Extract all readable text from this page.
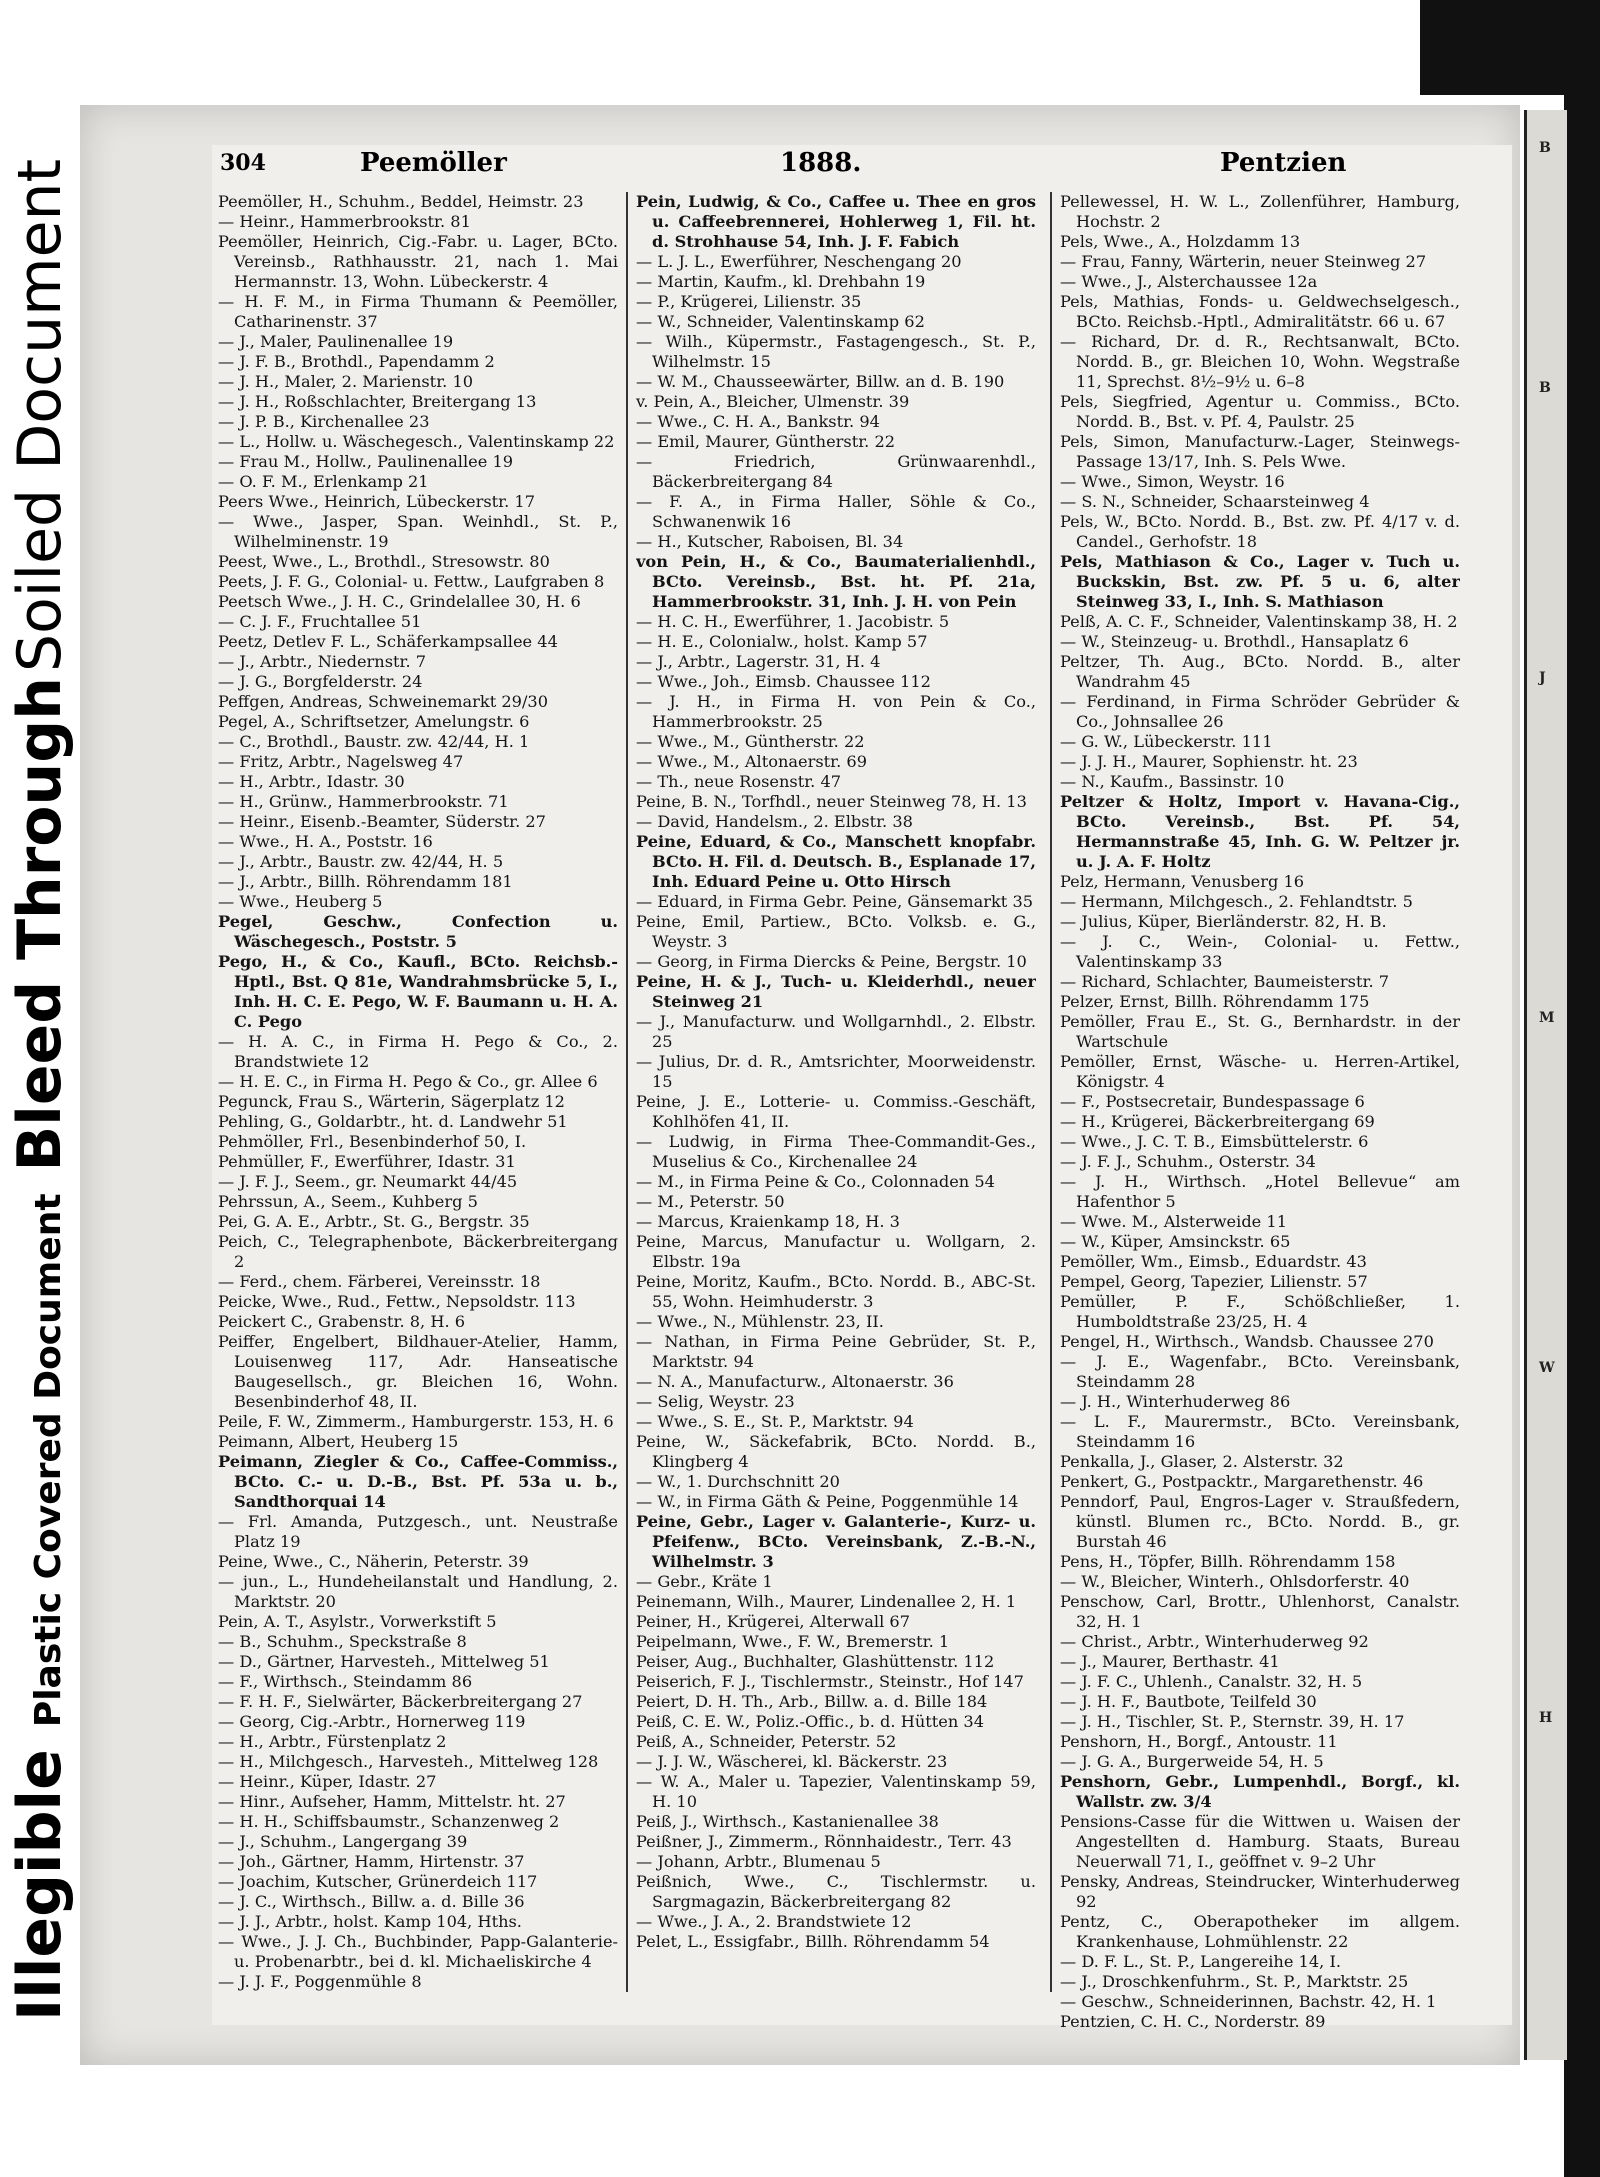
IllegiblePlastic Covered DocumentBleed Through Soiled Document
B
B
J
M
W
H
304	Peemöller	1888.	Pentzien
Peemöller, H., Schuhm., Beddel, Heimstr. 23
— Heinr., Hammerbrookstr. 81
Peemöller, Heinrich, Cig.-Fabr. u. Lager, BCto. Vereinsb., Rathhausstr. 21, nach 1. Mai Hermannstr. 13, Wohn. Lübeckerstr. 4
— H. F. M., in Firma Thumann & Peemöller, Catharinenstr. 37
— J., Maler, Paulinenallee 19
— J. F. B., Brothdl., Papendamm 2
— J. H., Maler, 2. Marienstr. 10
— J. H., Roßschlachter, Breitergang 13
— J. P. B., Kirchenallee 23
— L., Hollw. u. Wäschegesch., Valentinskamp 22
— Frau M., Hollw., Paulinenallee 19
— O. F. M., Erlenkamp 21
Peers Wwe., Heinrich, Lübeckerstr. 17
— Wwe., Jasper, Span. Weinhdl., St. P., Wilhelminenstr. 19
Peest, Wwe., L., Brothdl., Stresowstr. 80
Peets, J. F. G., Colonial- u. Fettw., Laufgraben 8
Peetsch Wwe., J. H. C., Grindelallee 30, H. 6
— C. J. F., Fruchtallee 51
Peetz, Detlev F. L., Schäferkampsallee 44
— J., Arbtr., Niedernstr. 7
— J. G., Borgfelderstr. 24
Peffgen, Andreas, Schweinemarkt 29/30
Pegel, A., Schriftsetzer, Amelungstr. 6
— C., Brothdl., Baustr. zw. 42/44, H. 1
— Fritz, Arbtr., Nagelsweg 47
— H., Arbtr., Idastr. 30
— H., Grünw., Hammerbrookstr. 71
— Heinr., Eisenb.-Beamter, Süderstr. 27
— Wwe., H. A., Poststr. 16
— J., Arbtr., Baustr. zw. 42/44, H. 5
— J., Arbtr., Billh. Röhrendamm 181
— Wwe., Heuberg 5
Pegel, Geschw., Confection u. Wäschegesch., Poststr. 5
Pego, H., & Co., Kaufl., BCto. Reichsb.-Hptl., Bst. Q 81e, Wandrahmsbrücke 5, I., Inh. H. C. E. Pego, W. F. Baumann u. H. A. C. Pego
— H. A. C., in Firma H. Pego & Co., 2. Brandstwiete 12
— H. E. C., in Firma H. Pego & Co., gr. Allee 6
Pegunck, Frau S., Wärterin, Sägerplatz 12
Pehling, G., Goldarbtr., ht. d. Landwehr 51
Pehmöller, Frl., Besenbinderhof 50, I.
Pehmüller, F., Ewerführer, Idastr. 31
— J. F. J., Seem., gr. Neumarkt 44/45
Pehrssun, A., Seem., Kuhberg 5
Pei, G. A. E., Arbtr., St. G., Bergstr. 35
Peich, C., Telegraphenbote, Bäckerbreitergang 2
— Ferd., chem. Färberei, Vereinsstr. 18
Peicke, Wwe., Rud., Fettw., Nepsoldstr. 113
Peickert C., Grabenstr. 8, H. 6
Peiffer, Engelbert, Bildhauer-Atelier, Hamm, Louisenweg 117, Adr. Hanseatische Baugesellsch., gr. Bleichen 16, Wohn. Besenbinderhof 48, II.
Peile, F. W., Zimmerm., Hamburgerstr. 153, H. 6
Peimann, Albert, Heuberg 15
Peimann, Ziegler & Co., Caffee-Commiss., BCto. C.- u. D.-B., Bst. Pf. 53a u. b., Sandthorquai 14
— Frl. Amanda, Putzgesch., unt. Neustraße Platz 19
Peine, Wwe., C., Näherin, Peterstr. 39
— jun., L., Hundeheilanstalt und Handlung, 2. Marktstr. 20
Pein, A. T., Asylstr., Vorwerkstift 5
— B., Schuhm., Speckstraße 8
— D., Gärtner, Harvesteh., Mittelweg 51
— F., Wirthsch., Steindamm 86
— F. H. F., Sielwärter, Bäckerbreitergang 27
— Georg, Cig.-Arbtr., Hornerweg 119
— H., Arbtr., Fürstenplatz 2
— H., Milchgesch., Harvesteh., Mittelweg 128
— Heinr., Küper, Idastr. 27
— Hinr., Aufseher, Hamm, Mittelstr. ht. 27
— H. H., Schiffsbaumstr., Schanzenweg 2
— J., Schuhm., Langergang 39
— Joh., Gärtner, Hamm, Hirtenstr. 37
— Joachim, Kutscher, Grünerdeich 117
— J. C., Wirthsch., Billw. a. d. Bille 36
— J. J., Arbtr., holst. Kamp 104, Hths.
— Wwe., J. J. Ch., Buchbinder, Papp-Galanterie- u. Probenarbtr., bei d. kl. Michaeliskirche 4
— J. J. F., Poggenmühle 8
Pein, Ludwig, & Co., Caffee u. Thee en gros u. Caffeebrennerei, Hohlerweg 1, Fil. ht. d. Strohhause 54, Inh. J. F. Fabich
— L. J. L., Ewerführer, Neschengang 20
— Martin, Kaufm., kl. Drehbahn 19
— P., Krügerei, Lilienstr. 35
— W., Schneider, Valentinskamp 62
— Wilh., Küpermstr., Fastagengesch., St. P., Wilhelmstr. 15
— W. M., Chausseewärter, Billw. an d. B. 190
v. Pein, A., Bleicher, Ulmenstr. 39
— Wwe., C. H. A., Bankstr. 94
— Emil, Maurer, Güntherstr. 22
— Friedrich, Grünwaarenhdl., Bäckerbreitergang 84
— F. A., in Firma Haller, Söhle & Co., Schwanenwik 16
— H., Kutscher, Raboisen, Bl. 34
von Pein, H., & Co., Baumaterialienhdl., BCto. Vereinsb., Bst. ht. Pf. 21a, Hammerbrookstr. 31, Inh. J. H. von Pein
— H. C. H., Ewerführer, 1. Jacobistr. 5
— H. E., Colonialw., holst. Kamp 57
— J., Arbtr., Lagerstr. 31, H. 4
— Wwe., Joh., Eimsb. Chaussee 112
— J. H., in Firma H. von Pein & Co., Hammerbrookstr. 25
— Wwe., M., Güntherstr. 22
— Wwe., M., Altonaerstr. 69
— Th., neue Rosenstr. 47
Peine, B. N., Torfhdl., neuer Steinweg 78, H. 13
— David, Handelsm., 2. Elbstr. 38
Peine, Eduard, & Co., Manschett knopfabr. BCto. H. Fil. d. Deutsch. B., Esplanade 17, Inh. Eduard Peine u. Otto Hirsch
— Eduard, in Firma Gebr. Peine, Gänsemarkt 35
Peine, Emil, Partiew., BCto. Volksb. e. G., Weystr. 3
— Georg, in Firma Diercks & Peine, Bergstr. 10
Peine, H. & J., Tuch- u. Kleiderhdl., neuer Steinweg 21
— J., Manufacturw. und Wollgarnhdl., 2. Elbstr. 25
— Julius, Dr. d. R., Amtsrichter, Moorweidenstr. 15
Peine, J. E., Lotterie- u. Commiss.-Geschäft, Kohlhöfen 41, II.
— Ludwig, in Firma Thee-Commandit-Ges., Muselius & Co., Kirchenallee 24
— M., in Firma Peine & Co., Colonnaden 54
— M., Peterstr. 50
— Marcus, Kraienkamp 18, H. 3
Peine, Marcus, Manufactur u. Wollgarn, 2. Elbstr. 19a
Peine, Moritz, Kaufm., BCto. Nordd. B., ABC-St. 55, Wohn. Heimhuderstr. 3
— Wwe., N., Mühlenstr. 23, II.
— Nathan, in Firma Peine Gebrüder, St. P., Marktstr. 94
— N. A., Manufacturw., Altonaerstr. 36
— Selig, Weystr. 23
— Wwe., S. E., St. P., Marktstr. 94
Peine, W., Säckefabrik, BCto. Nordd. B., Klingberg 4
— W., 1. Durchschnitt 20
— W., in Firma Gäth & Peine, Poggenmühle 14
Peine, Gebr., Lager v. Galanterie-, Kurz- u. Pfeifenw., BCto. Vereinsbank, Z.-B.-N., Wilhelmstr. 3
— Gebr., Kräte 1
Peinemann, Wilh., Maurer, Lindenallee 2, H. 1
Peiner, H., Krügerei, Alterwall 67
Peipelmann, Wwe., F. W., Bremerstr. 1
Peiser, Aug., Buchhalter, Glashüttenstr. 112
Peiserich, F. J., Tischlermstr., Steinstr., Hof 147
Peiert, D. H. Th., Arb., Billw. a. d. Bille 184
Peiß, C. E. W., Poliz.-Offic., b. d. Hütten 34
Peiß, A., Schneider, Peterstr. 52
— J. J. W., Wäscherei, kl. Bäckerstr. 23
— W. A., Maler u. Tapezier, Valentinskamp 59, H. 10
Peiß, J., Wirthsch., Kastanienallee 38
Peißner, J., Zimmerm., Rönnhaidestr., Terr. 43
— Johann, Arbtr., Blumenau 5
Peißnich, Wwe., C., Tischlermstr. u. Sargmagazin, Bäckerbreitergang 82
— Wwe., J. A., 2. Brandstwiete 12
Pelet, L., Essigfabr., Billh. Röhrendamm 54
Pellewessel, H. W. L., Zollenführer, Hamburg, Hochstr. 2
Pels, Wwe., A., Holzdamm 13
— Frau, Fanny, Wärterin, neuer Steinweg 27
— Wwe., J., Alsterchaussee 12a
Pels, Mathias, Fonds- u. Geldwechselgesch., BCto. Reichsb.-Hptl., Admiralitätstr. 66 u. 67
— Richard, Dr. d. R., Rechtsanwalt, BCto. Nordd. B., gr. Bleichen 10, Wohn. Wegstraße 11, Sprechst. 8½–9½ u. 6–8
Pels, Siegfried, Agentur u. Commiss., BCto. Nordd. B., Bst. v. Pf. 4, Paulstr. 25
Pels, Simon, Manufacturw.-Lager, Steinwegs-Passage 13/17, Inh. S. Pels Wwe.
— Wwe., Simon, Weystr. 16
— S. N., Schneider, Schaarsteinweg 4
Pels, W., BCto. Nordd. B., Bst. zw. Pf. 4/17 v. d. Candel., Gerhofstr. 18
Pels, Mathiason & Co., Lager v. Tuch u. Buckskin, Bst. zw. Pf. 5 u. 6, alter Steinweg 33, I., Inh. S. Mathiason
Pelß, A. C. F., Schneider, Valentinskamp 38, H. 2
— W., Steinzeug- u. Brothdl., Hansaplatz 6
Peltzer, Th. Aug., BCto. Nordd. B., alter Wandrahm 45
— Ferdinand, in Firma Schröder Gebrüder & Co., Johnsallee 26
— G. W., Lübeckerstr. 111
— J. J. H., Maurer, Sophienstr. ht. 23
— N., Kaufm., Bassinstr. 10
Peltzer & Holtz, Import v. Havana-Cig., BCto. Vereinsb., Bst. Pf. 54, Hermannstraße 45, Inh. G. W. Peltzer jr. u. J. A. F. Holtz
Pelz, Hermann, Venusberg 16
— Hermann, Milchgesch., 2. Fehlandtstr. 5
— Julius, Küper, Bierländerstr. 82, H. B.
— J. C., Wein-, Colonial- u. Fettw., Valentinskamp 33
— Richard, Schlachter, Baumeisterstr. 7
Pelzer, Ernst, Billh. Röhrendamm 175
Pemöller, Frau E., St. G., Bernhardstr. in der Wartschule
Pemöller, Ernst, Wäsche- u. Herren-Artikel, Königstr. 4
— F., Postsecretair, Bundespassage 6
— H., Krügerei, Bäckerbreitergang 69
— Wwe., J. C. T. B., Eimsbüttelerstr. 6
— J. F. J., Schuhm., Osterstr. 34
— J. H., Wirthsch. „Hotel Bellevue“ am Hafenthor 5
— Wwe. M., Alsterweide 11
— W., Küper, Amsinckstr. 65
Pemöller, Wm., Eimsb., Eduardstr. 43
Pempel, Georg, Tapezier, Lilienstr. 57
Pemüller, P. F., Schößchließer, 1. Humboldtstraße 23/25, H. 4
Pengel, H., Wirthsch., Wandsb. Chaussee 270
— J. E., Wagenfabr., BCto. Vereinsbank, Steindamm 28
— J. H., Winterhuderweg 86
— L. F., Maurermstr., BCto. Vereinsbank, Steindamm 16
Penkalla, J., Glaser, 2. Alsterstr. 32
Penkert, G., Postpacktr., Margarethenstr. 46
Penndorf, Paul, Engros-Lager v. Straußfedern, künstl. Blumen rc., BCto. Nordd. B., gr. Burstah 46
Pens, H., Töpfer, Billh. Röhrendamm 158
— W., Bleicher, Winterh., Ohlsdorferstr. 40
Penschow, Carl, Brottr., Uhlenhorst, Canalstr. 32, H. 1
— Christ., Arbtr., Winterhuderweg 92
— J., Maurer, Berthastr. 41
— J. F. C., Uhlenh., Canalstr. 32, H. 5
— J. H. F., Bautbote, Teilfeld 30
— J. H., Tischler, St. P., Sternstr. 39, H. 17
Penshorn, H., Borgf., Antoustr. 11
— J. G. A., Burgerweide 54, H. 5
Penshorn, Gebr., Lumpenhdl., Borgf., kl. Wallstr. zw. 3/4
Pensions-Casse für die Wittwen u. Waisen der Angestellten d. Hamburg. Staats, Bureau Neuerwall 71, I., geöffnet v. 9–2 Uhr
Pensky, Andreas, Steindrucker, Winterhuderweg 92
Pentz, C., Oberapotheker im allgem. Krankenhause, Lohmühlenstr. 22
— D. F. L., St. P., Langereihe 14, I.
— J., Droschkenfuhrm., St. P., Marktstr. 25
— Geschw., Schneiderinnen, Bachstr. 42, H. 1
Pentzien, C. H. C., Norderstr. 89
